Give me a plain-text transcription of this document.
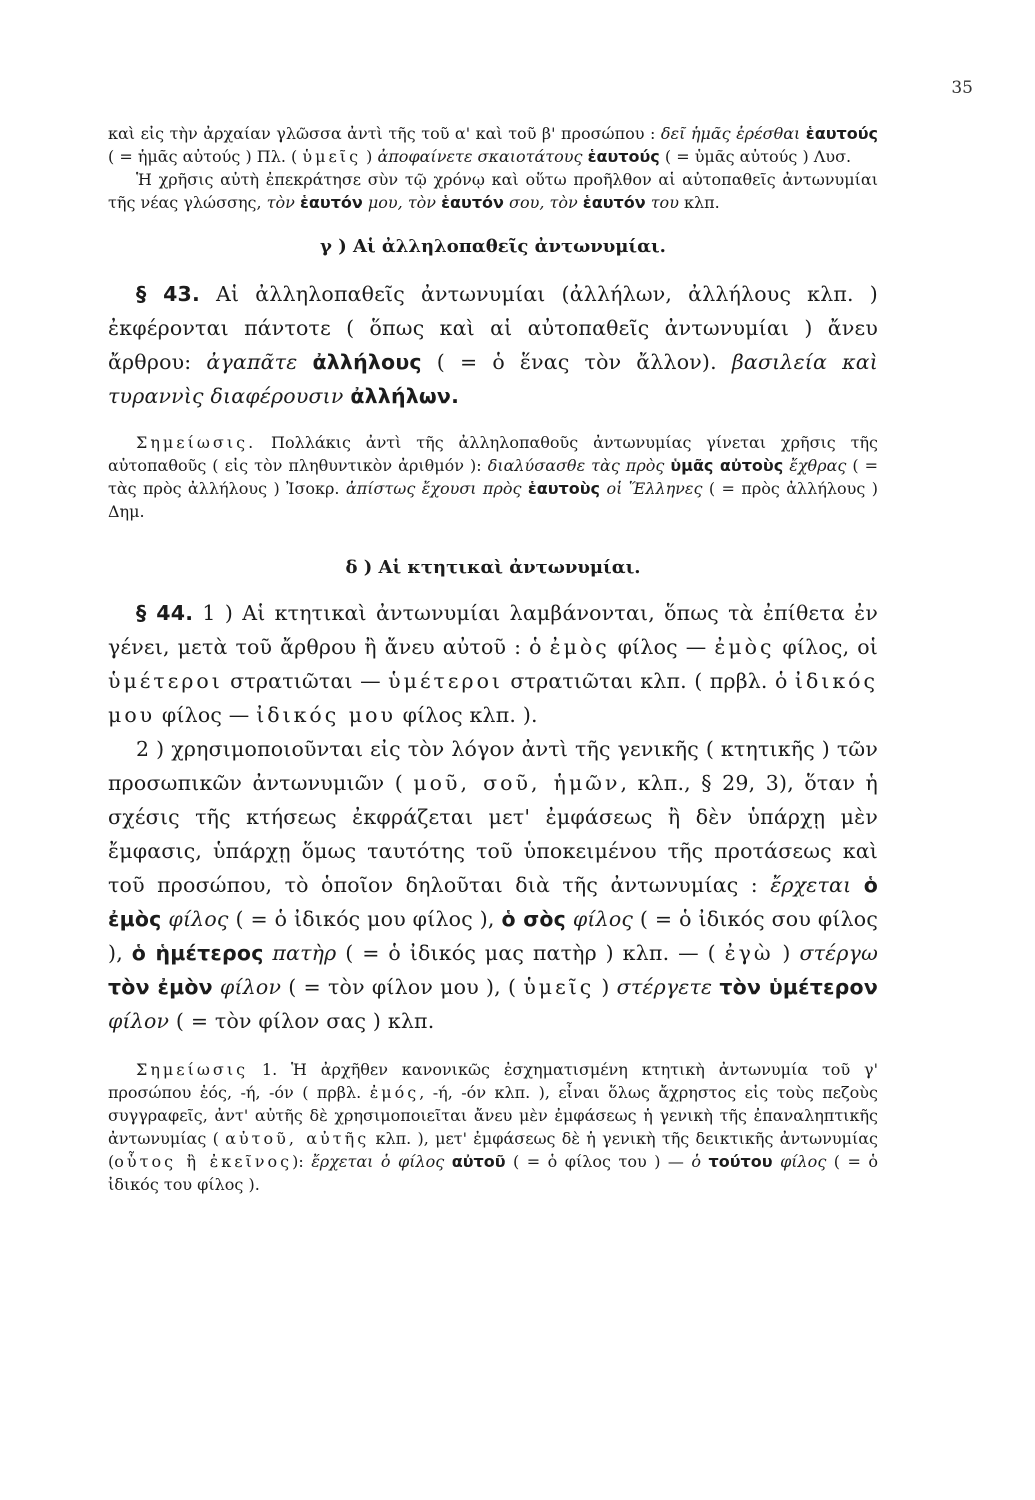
35

καὶ εἰς τὴν ἀρχαίαν γλῶσσα ἀντὶ τῆς τοῦ α' καὶ τοῦ β' προσώπου : δεῖ ἡμᾶς ἐρέσθαι ἑαυτούς ( = ἡμᾶς αὐτούς ) Πλ. ( ὑμεῖς ) ἀποφαίνετε σκαιοτάτους ἑαυτούς ( = ὑμᾶς αὐτούς ) Λυσ.

Ἡ χρῆσις αὐτὴ ἐπεκράτησε σὺν τῷ χρόνῳ καὶ οὕτω προῆλθον αἱ αὐτοπαθεῖς ἀντωνυμίαι τῆς νέας γλώσσης, τὸν ἑαυτόν μου, τὸν ἑαυτόν σου, τὸν ἑαυτόν του κλπ.

γ ) Αἱ ἀλληλοπαθεῖς ἀντωνυμίαι.

§ 43. Αἱ ἀλληλοπαθεῖς ἀντωνυμίαι (ἀλλήλων, ἀλλήλους κλπ. ) ἐκφέρονται πάντοτε ( ὅπως καὶ αἱ αὐτοπαθεῖς ἀντωνυμίαι ) ἄνευ ἄρθρου: ἀγαπᾶτε ἀλλήλους ( = ὁ ἕνας τὸν ἄλλον). βασιλεία καὶ τυραννὶς διαφέρουσιν ἀλλήλων.

Σημείωσις. Πολλάκις ἀντὶ τῆς ἀλληλοπαθοῦς ἀντωνυμίας γίνεται χρῆσις τῆς αὐτοπαθοῦς ( εἰς τὸν πληθυντικὸν ἀριθμόν ): διαλύσασθε τὰς πρὸς ὑμᾶς αὐτοὺς ἔχθρας ( = τὰς πρὸς ἀλλήλους ) Ἰσοκρ. ἀπίστως ἔχουσι πρὸς ἑαυτοὺς οἱ Ἕλληνες ( = πρὸς ἀλλήλους ) Δημ.

δ ) Αἱ κτητικαὶ ἀντωνυμίαι.

§ 44. 1 ) Αἱ κτητικαὶ ἀντωνυμίαι λαμβάνονται, ὅπως τὰ ἐπίθετα ἐν γένει, μετὰ τοῦ ἄρθρου ἢ ἄνευ αὐτοῦ : ὁ ἐμὸς φίλος — ἐμὸς φίλος, οἱ ὑμέτεροι στρατιῶται — ὑμέτεροι στρατιῶται κλπ. ( πρβλ. ὁ ἰδικός μου φίλος — ἰδικός μου φίλος κλπ. ).

2 ) χρησιμοποιοῦνται εἰς τὸν λόγον ἀντὶ τῆς γενικῆς ( κτητικῆς ) τῶν προσωπικῶν ἀντωνυμιῶν ( μοῦ, σοῦ, ἡμῶν, κλπ., § 29, 3), ὅταν ἡ σχέσις τῆς κτήσεως ἐκφράζεται μετ' ἐμφάσεως ἢ δὲν ὑπάρχῃ μὲν ἔμφασις, ὑπάρχῃ ὅμως ταυτότης τοῦ ὑποκειμένου τῆς προτάσεως καὶ τοῦ προσώπου, τὸ ὁποῖον δηλοῦται διὰ τῆς ἀντωνυμίας : ἔρχεται ὁ ἐμὸς φίλος ( = ὁ ἰδικός μου φίλος ), ὁ σὸς φίλος ( = ὁ ἰδικός σου φίλος ), ὁ ἡμέτερος πατὴρ ( = ὁ ἰδικός μας πατὴρ ) κλπ. — ( ἐγὼ ) στέργω τὸν ἐμὸν φίλον ( = τὸν φίλον μου ), ( ὑμεῖς ) στέργετε τὸν ὑμέτερον φίλον ( = τὸν φίλον σας ) κλπ.

Σημείωσις 1. Ἡ ἀρχῆθεν κανονικῶς ἐσχηματισμένη κτητικὴ ἀντωνυμία τοῦ γ' προσώπου ἑός, -ή, -όν ( πρβλ. ἐμός, -ή, -όν κλπ. ), εἶναι ὅλως ἄχρηστος εἰς τοὺς πεζοὺς συγγραφεῖς, ἀντ' αὐτῆς δὲ χρησιμοποιεῖται ἄνευ μὲν ἐμφάσεως ἡ γενικὴ τῆς ἐπαναληπτικῆς ἀντωνυμίας ( αὐτοῦ, αὐτῆς κλπ. ), μετ' ἐμφάσεως δὲ ἡ γενικὴ τῆς δεικτικῆς ἀντωνυμίας (οὗτος ἢ ἐκεῖνος): ἔρχεται ὁ φίλος αὐτοῦ ( = ὁ φίλος του ) — ὁ τούτου φίλος ( = ὁ ἰδικός του φίλος ).
